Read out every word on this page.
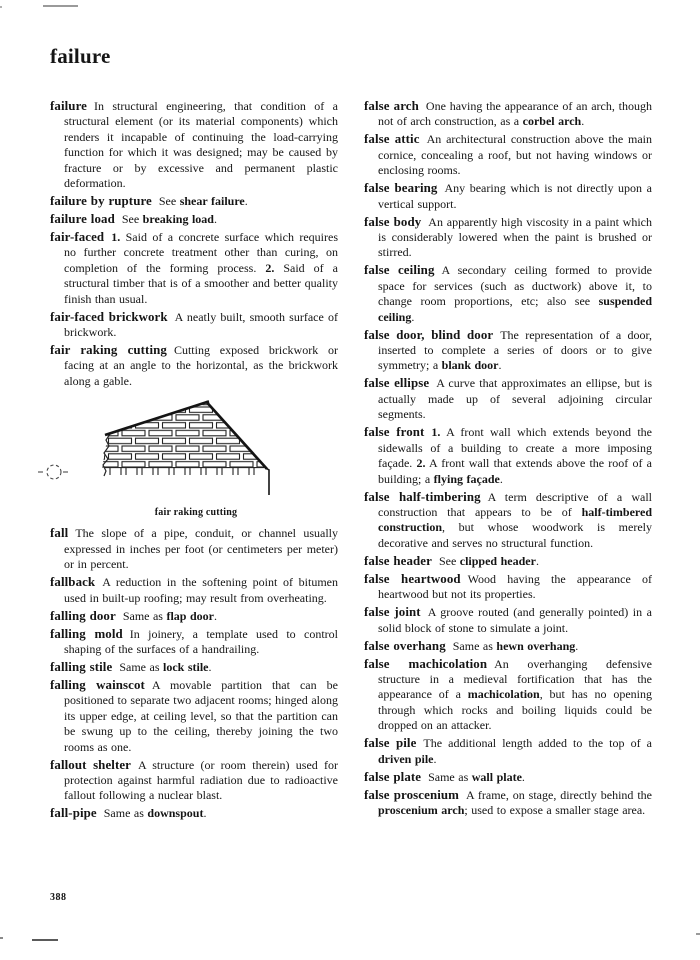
failure
failure In structural engineering, that condition of a structural element (or its material components) which renders it incapable of continuing the load-carrying function for which it was designed; may be caused by fracture or by excessive and permanent plastic deformation.
failure by rupture See shear failure.
failure load See breaking load.
fair-faced 1. Said of a concrete surface which requires no further concrete treatment other than curing, on completion of the forming process. 2. Said of a structural timber that is of a smoother and better quality finish than usual.
fair-faced brickwork A neatly built, smooth surface of brickwork.
fair raking cutting Cutting exposed brickwork or facing at an angle to the horizontal, as the brickwork along a gable.
fair raking cutting
fall The slope of a pipe, conduit, or channel usually expressed in inches per foot (or centimeters per meter) or in percent.
fallback A reduction in the softening point of bitumen used in built-up roofing; may result from overheating.
falling door Same as flap door.
falling mold In joinery, a template used to control shaping of the surfaces of a handrailing.
falling stile Same as lock stile.
falling wainscot A movable partition that can be positioned to separate two adjacent rooms; hinged along its upper edge, at ceiling level, so that the partition can be swung up to the ceiling, thereby joining the two rooms as one.
fallout shelter A structure (or room therein) used for protection against harmful radiation due to radioactive fallout following a nuclear blast.
fall-pipe Same as downspout.
false arch One having the appearance of an arch, though not of arch construction, as a corbel arch.
false attic An architectural construction above the main cornice, concealing a roof, but not having windows or enclosing rooms.
false bearing Any bearing which is not directly upon a vertical support.
false body An apparently high viscosity in a paint which is considerably lowered when the paint is brushed or stirred.
false ceiling A secondary ceiling formed to provide space for services (such as ductwork) above it, to change room proportions, etc; also see suspended ceiling.
false door, blind door The representation of a door, inserted to complete a series of doors or to give symmetry; a blank door.
false ellipse A curve that approximates an ellipse, but is actually made up of several adjoining circular segments.
false front 1. A front wall which extends beyond the sidewalls of a building to create a more imposing façade. 2. A front wall that extends above the roof of a building; a flying façade.
false half-timbering A term descriptive of a wall construction that appears to be of half-timbered construction, but whose woodwork is merely decorative and serves no structural function.
false header See clipped header.
false heartwood Wood having the appearance of heartwood but not its properties.
false joint A groove routed (and generally pointed) in a solid block of stone to simulate a joint.
false overhang Same as hewn overhang.
false machicolation An overhanging defensive structure in a medieval fortification that has the appearance of a machicolation, but has no opening through which rocks and boiling liquids could be dropped on an attacker.
false pile The additional length added to the top of a driven pile.
false plate Same as wall plate.
false proscenium A frame, on stage, directly behind the proscenium arch; used to expose a smaller stage area.
388
